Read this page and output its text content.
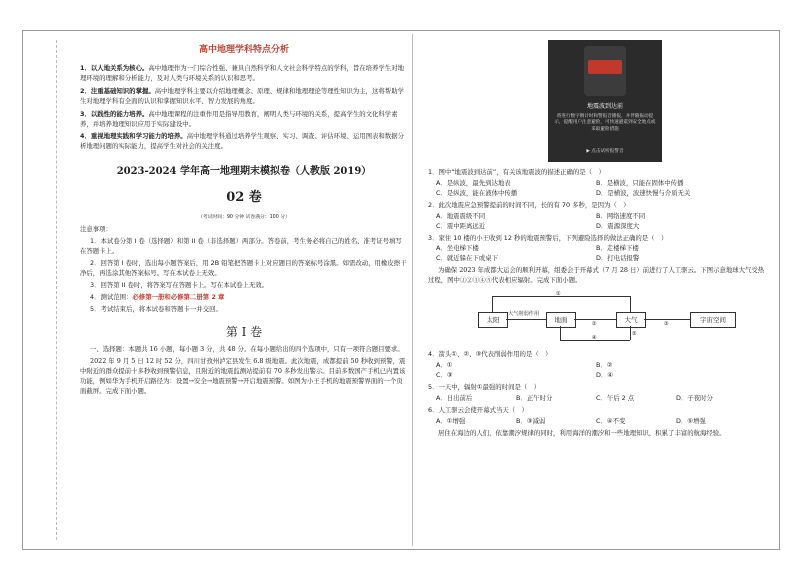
高中地理学科特点分析

1．以人地关系为核心。高中地理作为一门综合性强、兼具自然科学和人文社会科学特点的学科，旨在培养学生对地理环境的理解和分析能力，及对人类与环境关系的认识和思考。

2．注重基础知识的掌握。高中地理学科主要以介绍地理概念、原理、规律和地理理论等理性知识为主，这将帮助学生对地理学科有全面的认识和掌握知识水平、智力发展的角度。

3．以践性的能力培养。高中地理课程的注重作用是指导用教育，阐明人类与环境的关系，提高学生的文化科学素养，并培养地理知识应用于实际建设中。

4．重视地理实践和学习能力的培养。高中地理学科通过培养学生观察、实习、调查、评估环境、运用图表和数据分析地理问题的实际能力，提高学生对社会的关注度。

2023-2024 学年高一地理期末模拟卷（人教版 2019）
02 卷
（考试时间：90 分钟 试卷满分：100 分）
注意事项：

1．本试卷分第 I 卷（选择题）和第 II 卷（非选择题）两部分。答卷前，考生务必将自己的姓名、准考证号填写在答题卡上。

2．回答第 I 卷时，选出每小题答案后，用 2B 铅笔把答题卡上对应题目的答案标号涂黑。如需改动，用橡皮擦干净后，再选涂其他答案标号。写在本试卷上无效。

3．回答第 II 卷时，将答案写在答题卡上。写在本试卷上无效。

4．测试范围：必修第一册和必修第二册第 2 章

5．考试结束后，将本试卷和答题卡一并交回。

第 I 卷

一、选择题：本题共 16 小题，每小题 3 分，共 48 分。在每小题给出的四个选项中，只有一项符合题目要求。

2022 年 9 月 5 日 12 时 52 分，四川甘孜州泸定县发生 6.8 级地震。此次地震，成都提前 50 秒收到预警，震中附近的群众提前十多秒收到预警信息，且附近的地震监测站提前有 70 多秒发出警示。目前多数国产手机已内置该功能，例如华为手机开启路径为：设置→安全→地震预警→开启地震预警。如图为小王手机的地震预警界面的一个页面截屏。完成下面小题。

地震波到达前
将进行数字倒计时和警报音播报，并伴随振动提示，提醒用户注意避险，可快速避震到安全地点或采取避险措施
▶ 点击试听报警音
1．图中“地震波到达前”，有关该地震波的描述正确的是（　）
A．是纵波，最先到达地表	B．是横波，只能在固体中传播
C．是纵波，能在液体中传播	D．是横波，波速快慢与介质无关
2．此次地震应急预警提前的时间不同，长的有 70 多秒，是因为（　）
A．地震震级不同	B．网络速度不同
C．震中距离远近	D．震源深度大
3．家住 10 楼的小王收到 12 秒的地震预警后，下列避险选择的做法正确的是（　）
A．坐电梯下楼	B．走楼梯下楼
C．就近躲在下或桌下	D．打电话报警
为确保 2023 年成都大运会的顺利开幕，组委会于开幕式（7 月 28 日）前进行了人工驱云。下图示意地球大气受热过程，图中①②③④⑤代表相应辐射。完成下面小题。
太阳	地面	大气	宇宙空间
大气削弱作用
①
②	③
④
⑤
4．箭头①、②、③代表削弱作用的是（　）
A．①	B．②
C．③	D．④
5．一天中，辐射①最强的时间是（　）
A．日出前后	B．正午时分	C．午后 2 点	D．子夜时分
6．人工驱云会使开幕式当天（　）
A．①增强	B．③减弱	C．④不变	D．⑤增强
居住在海边的人们，依靠潮汐规律的同时，利用海洋的潮汐和一些地理知识，积累了丰富的航海经验。
